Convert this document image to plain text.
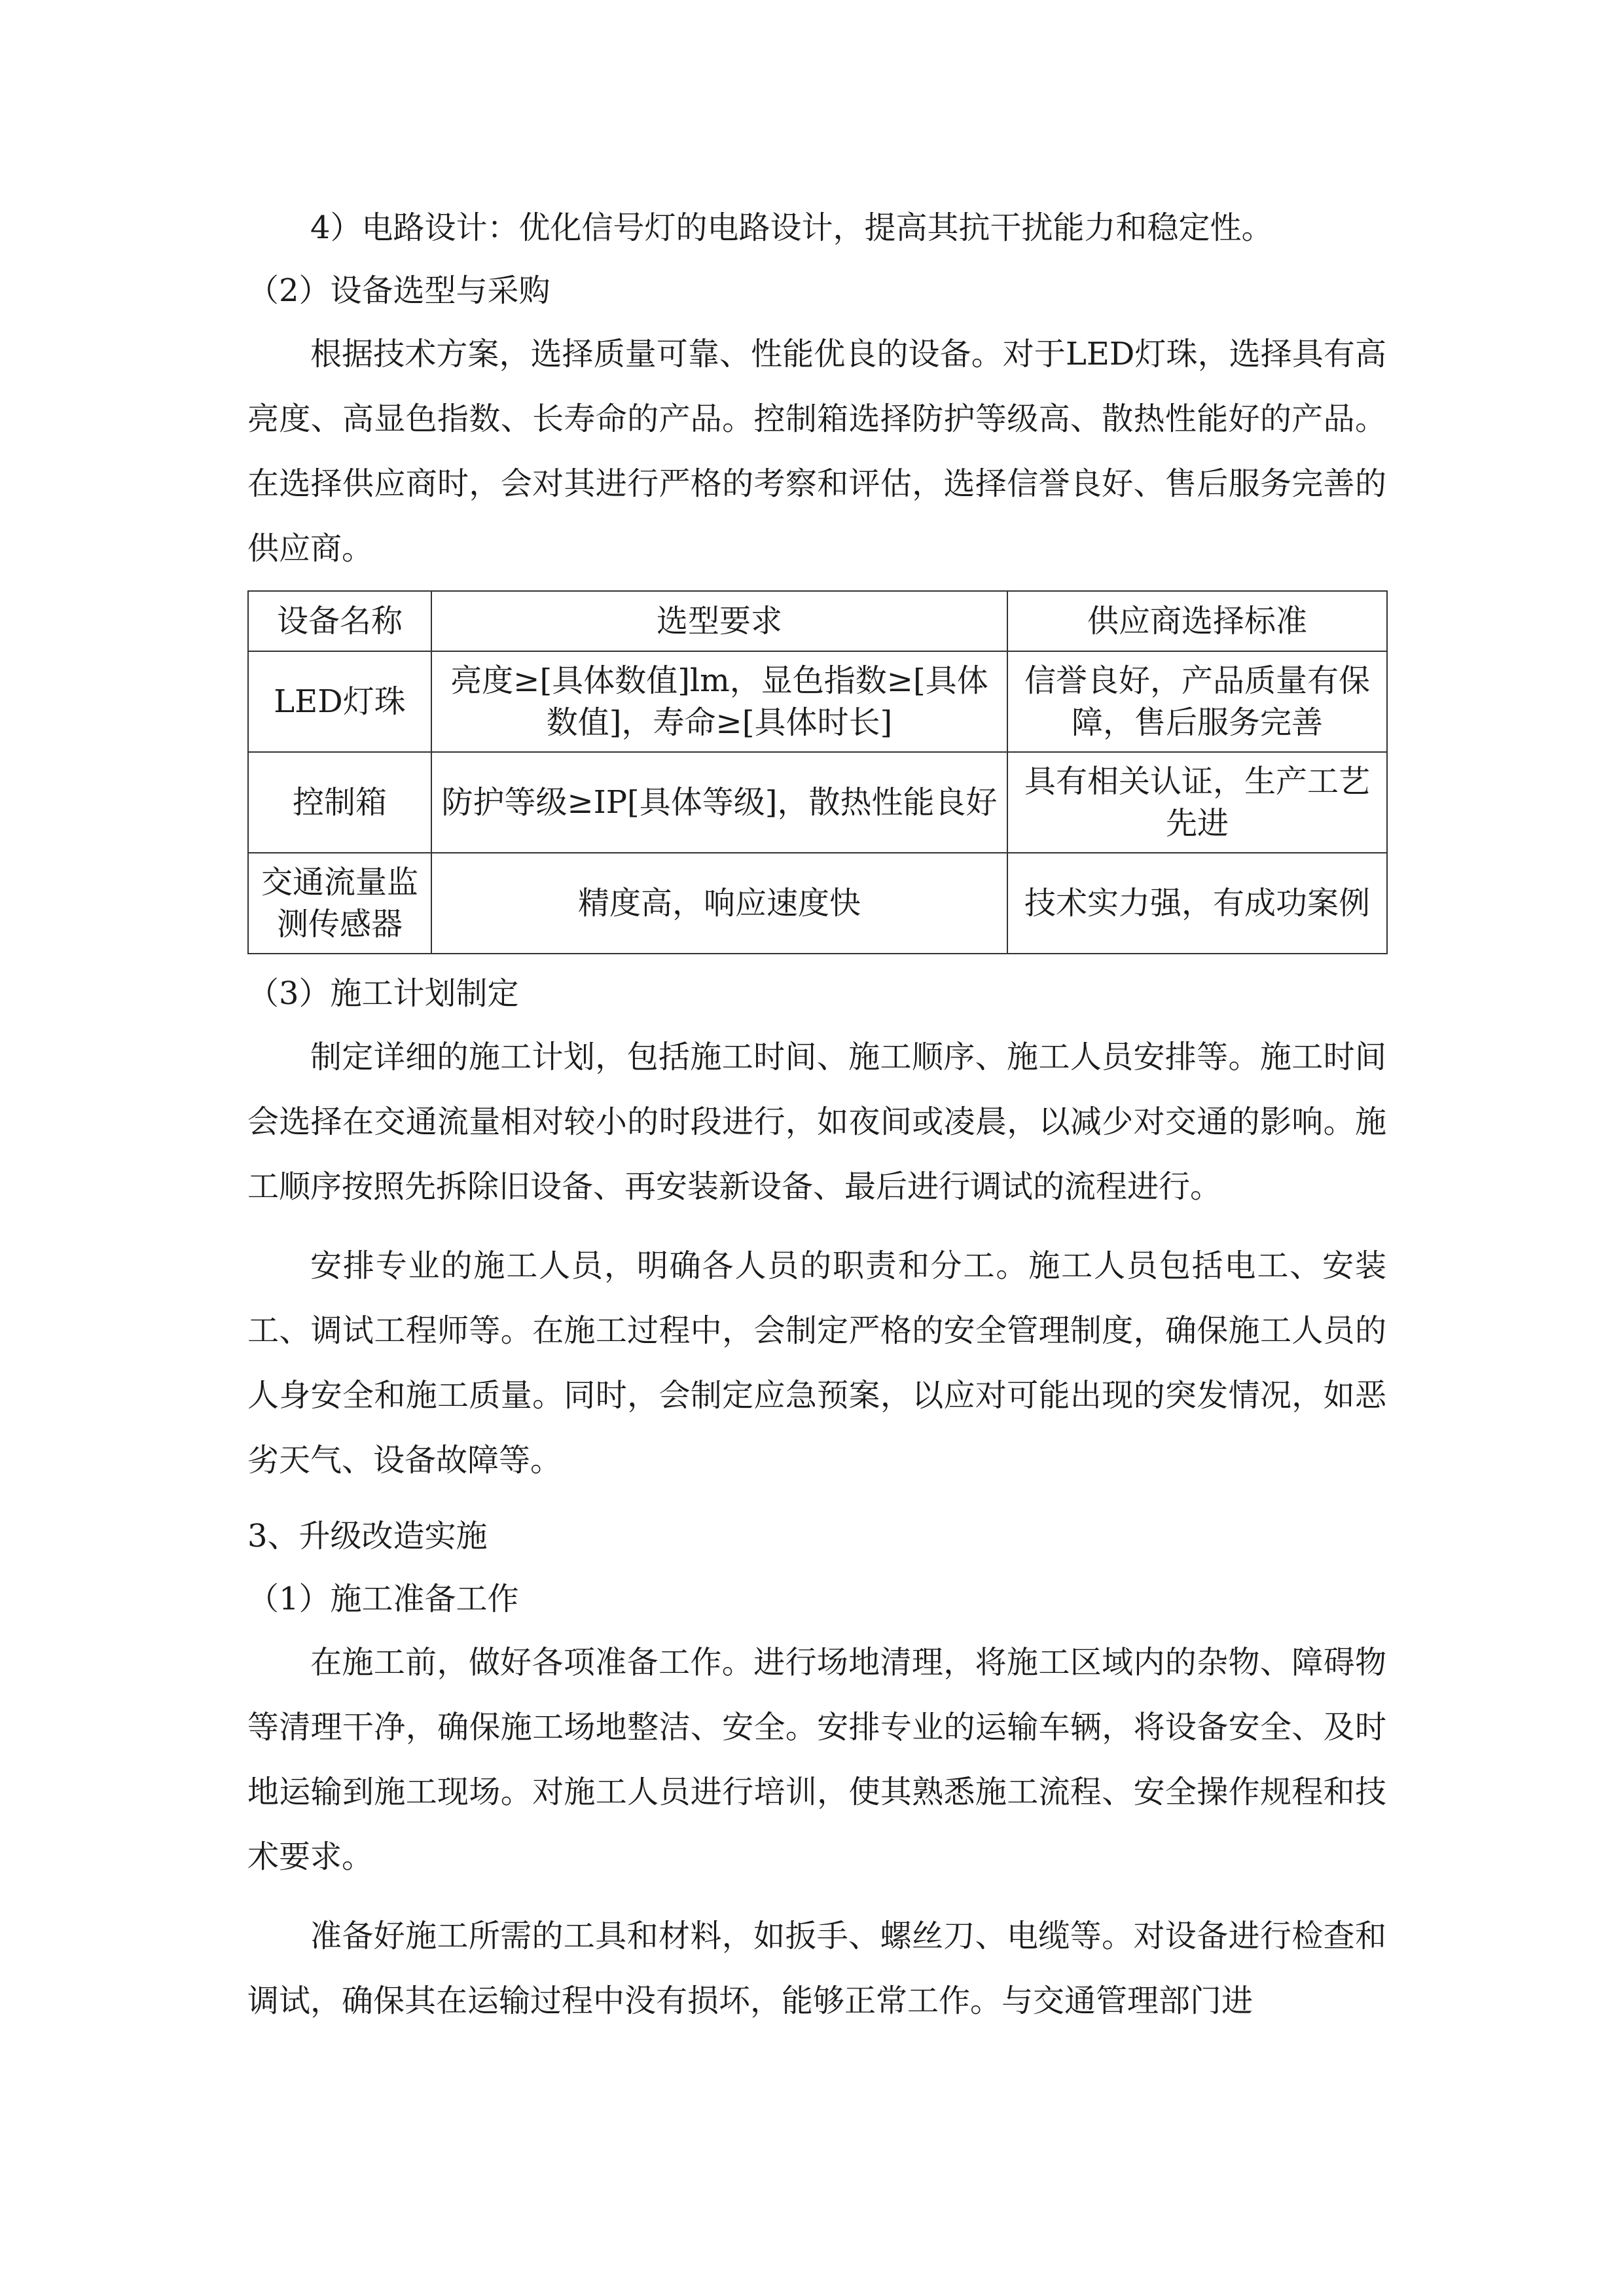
4）电路设计：优化信号灯的电路设计，提高其抗干扰能力和稳定性。

（2）设备选型与采购

根据技术方案，选择质量可靠、性能优良的设备。对于LED灯珠，选择具有高亮度、高显色指数、长寿命的产品。控制箱选择防护等级高、散热性能好的产品。在选择供应商时，会对其进行严格的考察和评估，选择信誉良好、售后服务完善的供应商。

设备名称	选型要求	供应商选择标准
LED灯珠	亮度≥[具体数值]lm，显色指数≥[具体数值]，寿命≥[具体时长]	信誉良好，产品质量有保障，售后服务完善
控制箱	防护等级≥IP[具体等级]，散热性能良好	具有相关认证，生产工艺先进
交通流量监测传感器	精度高，响应速度快	技术实力强，有成功案例

（3）施工计划制定

制定详细的施工计划，包括施工时间、施工顺序、施工人员安排等。施工时间会选择在交通流量相对较小的时段进行，如夜间或凌晨，以减少对交通的影响。施工顺序按照先拆除旧设备、再安装新设备、最后进行调试的流程进行。

安排专业的施工人员，明确各人员的职责和分工。施工人员包括电工、安装工、调试工程师等。在施工过程中，会制定严格的安全管理制度，确保施工人员的人身安全和施工质量。同时，会制定应急预案，以应对可能出现的突发情况，如恶劣天气、设备故障等。

3、升级改造实施

（1）施工准备工作

在施工前，做好各项准备工作。进行场地清理，将施工区域内的杂物、障碍物等清理干净，确保施工场地整洁、安全。安排专业的运输车辆，将设备安全、及时地运输到施工现场。对施工人员进行培训，使其熟悉施工流程、安全操作规程和技术要求。

准备好施工所需的工具和材料，如扳手、螺丝刀、电缆等。对设备进行检查和调试，确保其在运输过程中没有损坏，能够正常工作。与交通管理部门进
